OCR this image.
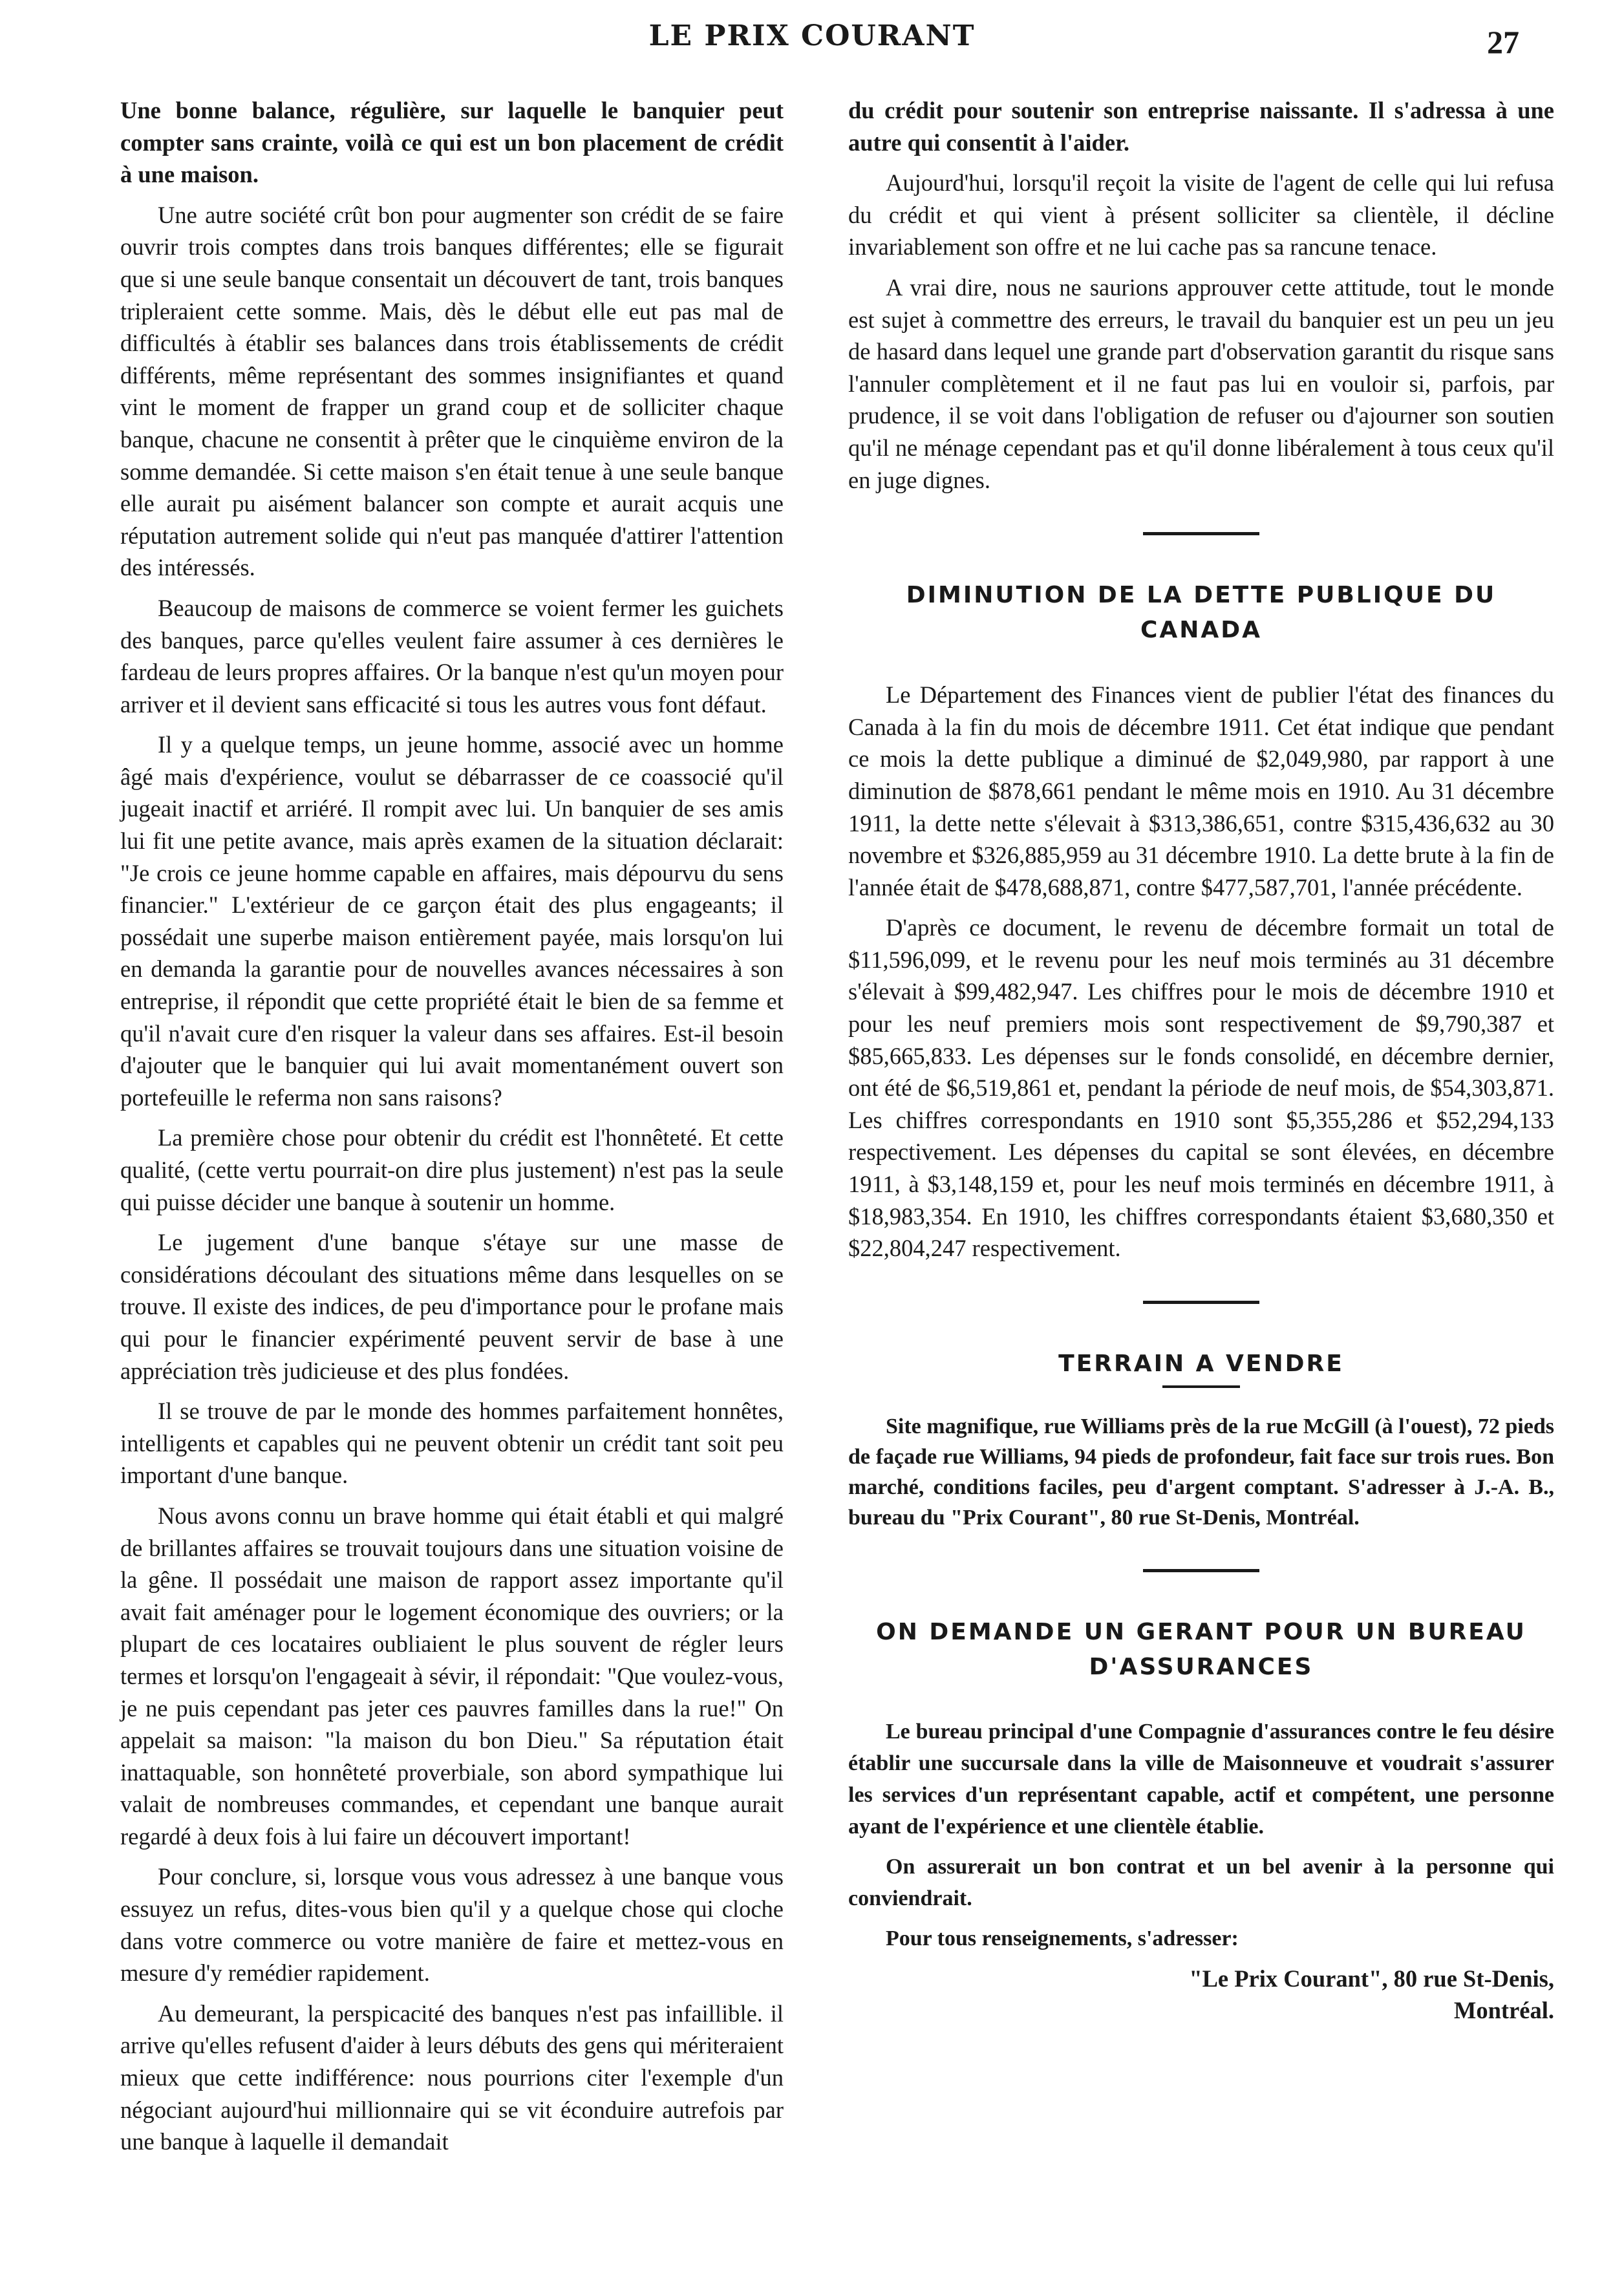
LE PRIX COURANT	27

Une bonne balance, régulière, sur laquelle le banquier peut compter sans crainte, voilà ce qui est un bon placement de crédit à une maison.

Une autre société crût bon pour augmenter son crédit de se faire ouvrir trois comptes dans trois banques différentes; elle se figurait que si une seule banque consentait un découvert de tant, trois banques tripleraient cette somme. Mais, dès le début elle eut pas mal de difficultés à établir ses balances dans trois établissements de crédit différents, même représentant des sommes insignifiantes et quand vint le moment de frapper un grand coup et de solliciter chaque banque, chacune ne consentit à prêter que le cinquième environ de la somme demandée. Si cette maison s'en était tenue à une seule banque elle aurait pu aisément balancer son compte et aurait acquis une réputation autrement solide qui n'eut pas manquée d'attirer l'attention des intéressés.

Beaucoup de maisons de commerce se voient fermer les guichets des banques, parce qu'elles veulent faire assumer à ces dernières le fardeau de leurs propres affaires. Or la banque n'est qu'un moyen pour arriver et il devient sans efficacité si tous les autres vous font défaut.

Il y a quelque temps, un jeune homme, associé avec un homme âgé mais d'expérience, voulut se débarrasser de ce coassocié qu'il jugeait inactif et arriéré. Il rompit avec lui. Un banquier de ses amis lui fit une petite avance, mais après examen de la situation déclarait: "Je crois ce jeune homme capable en affaires, mais dépourvu du sens financier." L'extérieur de ce garçon était des plus engageants; il possédait une superbe maison entièrement payée, mais lorsqu'on lui en demanda la garantie pour de nouvelles avances nécessaires à son entreprise, il répondit que cette propriété était le bien de sa femme et qu'il n'avait cure d'en risquer la valeur dans ses affaires. Est-il besoin d'ajouter que le banquier qui lui avait momentanément ouvert son portefeuille le referma non sans raisons?

La première chose pour obtenir du crédit est l'honnêteté. Et cette qualité, (cette vertu pourrait-on dire plus justement) n'est pas la seule qui puisse décider une banque à soutenir un homme.

Le jugement d'une banque s'étaye sur une masse de considérations découlant des situations même dans lesquelles on se trouve. Il existe des indices, de peu d'importance pour le profane mais qui pour le financier expérimenté peuvent servir de base à une appréciation très judicieuse et des plus fondées.

Il se trouve de par le monde des hommes parfaitement honnêtes, intelligents et capables qui ne peuvent obtenir un crédit tant soit peu important d'une banque.

Nous avons connu un brave homme qui était établi et qui malgré de brillantes affaires se trouvait toujours dans une situation voisine de la gêne. Il possédait une maison de rapport assez importante qu'il avait fait aménager pour le logement économique des ouvriers; or la plupart de ces locataires oubliaient le plus souvent de régler leurs termes et lorsqu'on l'engageait à sévir, il répondait: "Que voulez-vous, je ne puis cependant pas jeter ces pauvres familles dans la rue!" On appelait sa maison: "la maison du bon Dieu." Sa réputation était inattaquable, son honnêteté proverbiale, son abord sympathique lui valait de nombreuses commandes, et cependant une banque aurait regardé à deux fois à lui faire un découvert important!

Pour conclure, si, lorsque vous vous adressez à une banque vous essuyez un refus, dites-vous bien qu'il y a quelque chose qui cloche dans votre commerce ou votre manière de faire et mettez-vous en mesure d'y remédier rapidement.

Au demeurant, la perspicacité des banques n'est pas infaillible. il arrive qu'elles refusent d'aider à leurs débuts des gens qui mériteraient mieux que cette indifférence: nous pourrions citer l'exemple d'un négociant aujourd'hui millionnaire qui se vit éconduire autrefois par une banque à laquelle il demandait

du crédit pour soutenir son entreprise naissante. Il s'adressa à une autre qui consentit à l'aider.

Aujourd'hui, lorsqu'il reçoit la visite de l'agent de celle qui lui refusa du crédit et qui vient à présent solliciter sa clientèle, il décline invariablement son offre et ne lui cache pas sa rancune tenace.

A vrai dire, nous ne saurions approuver cette attitude, tout le monde est sujet à commettre des erreurs, le travail du banquier est un peu un jeu de hasard dans lequel une grande part d'observation garantit du risque sans l'annuler complètement et il ne faut pas lui en vouloir si, parfois, par prudence, il se voit dans l'obligation de refuser ou d'ajourner son soutien qu'il ne ménage cependant pas et qu'il donne libéralement à tous ceux qu'il en juge dignes.

DIMINUTION DE LA DETTE PUBLIQUE DU CANADA

Le Département des Finances vient de publier l'état des finances du Canada à la fin du mois de décembre 1911. Cet état indique que pendant ce mois la dette publique a diminué de $2,049,980, par rapport à une diminution de $878,661 pendant le même mois en 1910. Au 31 décembre 1911, la dette nette s'élevait à $313,386,651, contre $315,436,632 au 30 novembre et $326,885,959 au 31 décembre 1910. La dette brute à la fin de l'année était de $478,688,871, contre $477,587,701, l'année précédente.

D'après ce document, le revenu de décembre formait un total de $11,596,099, et le revenu pour les neuf mois terminés au 31 décembre s'élevait à $99,482,947. Les chiffres pour le mois de décembre 1910 et pour les neuf premiers mois sont respectivement de $9,790,387 et $85,665,833. Les dépenses sur le fonds consolidé, en décembre dernier, ont été de $6,519,861 et, pendant la période de neuf mois, de $54,303,871. Les chiffres correspondants en 1910 sont $5,355,286 et $52,294,133 respectivement. Les dépenses du capital se sont élevées, en décembre 1911, à $3,148,159 et, pour les neuf mois terminés en décembre 1911, à $18,983,354. En 1910, les chiffres correspondants étaient $3,680,350 et $22,804,247 respectivement.

TERRAIN A VENDRE

Site magnifique, rue Williams près de la rue McGill (à l'ouest), 72 pieds de façade rue Williams, 94 pieds de profondeur, fait face sur trois rues. Bon marché, conditions faciles, peu d'argent comptant. S'adresser à J.-A. B., bureau du "Prix Courant", 80 rue St-Denis, Montréal.

ON DEMANDE UN GERANT POUR UN BUREAU
D'ASSURANCES

Le bureau principal d'une Compagnie d'assurances contre le feu désire établir une succursale dans la ville de Maisonneuve et voudrait s'assurer les services d'un représentant capable, actif et compétent, une personne ayant de l'expérience et une clientèle établie.

On assurerait un bon contrat et un bel avenir à la personne qui conviendrait.

Pour tous renseignements, s'adresser:

"Le Prix Courant", 80 rue St-Denis,
Montréal.
